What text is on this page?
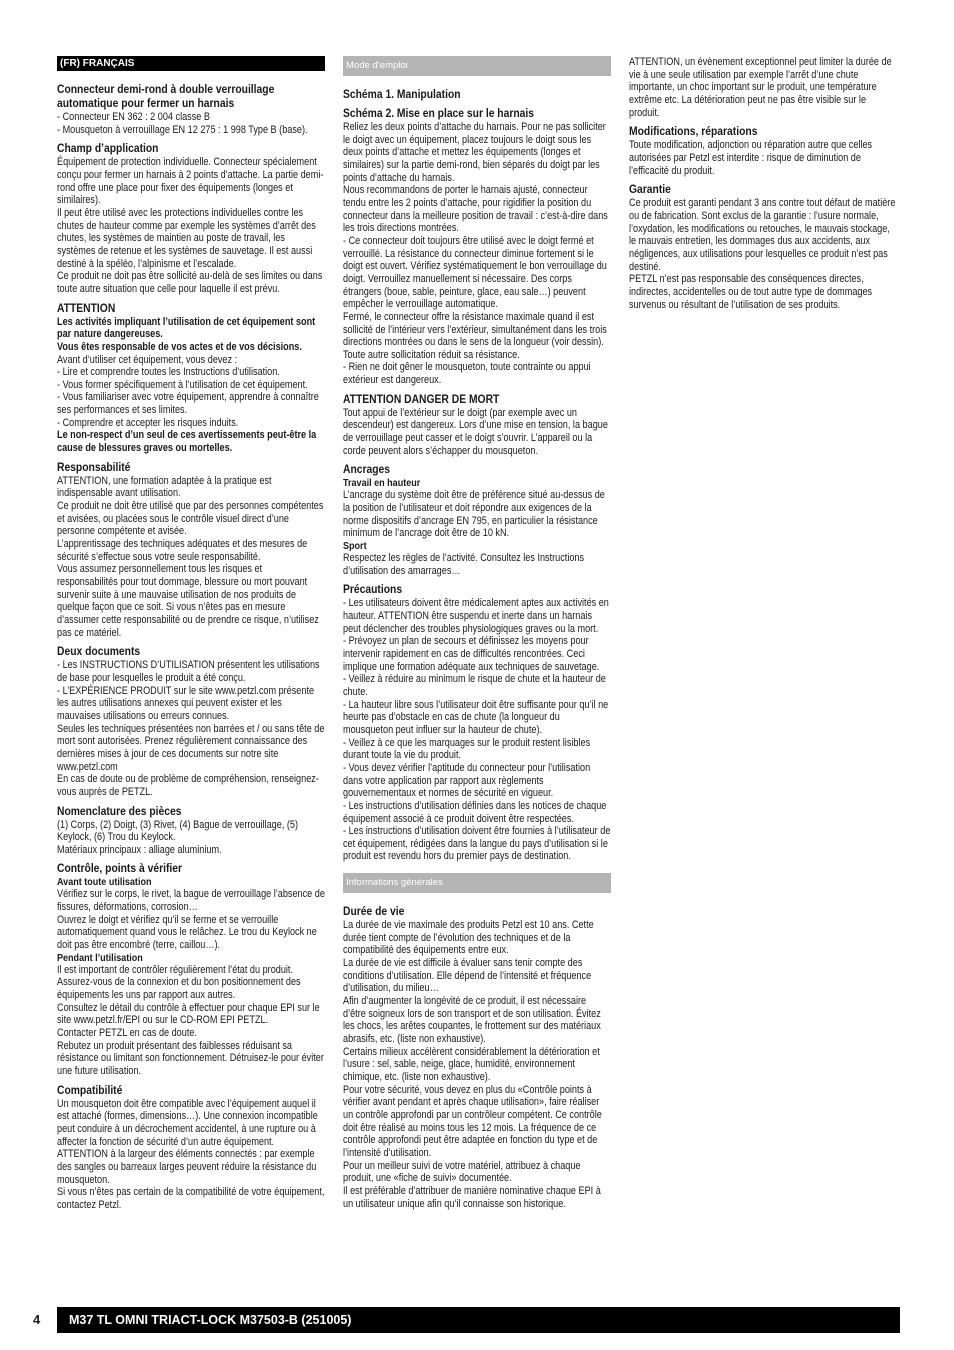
(FR) FRANÇAIS
Connecteur demi-rond à double verrouillage automatique pour fermer un harnais

- Connecteur EN 362 : 2 004 classe B
- Mousqueton à verrouillage EN 12 275 : 1 998 Type B (base).

Champ d’application

Équipement de protection individuelle. Connecteur spécialement conçu pour fermer un harnais à 2 points d’attache. La partie demi-rond offre une place pour fixer des équipements (longes et similaires).
Il peut être utilisé avec les protections individuelles contre les chutes de hauteur comme par exemple les systèmes d’arrêt des chutes, les systèmes de maintien au poste de travail, les systèmes de retenue et les systèmes de sauvetage. Il est aussi destiné à la spéléo, l’alpinisme et l’escalade.
Ce produit ne doit pas être sollicité au-delà de ses limites ou dans toute autre situation que celle pour laquelle il est prévu.

ATTENTION

Les activités impliquant l’utilisation de cet équipement sont par nature dangereuses.
Vous êtes responsable de vos actes et de vos décisions.

Avant d’utiliser cet équipement, vous devez :
- Lire et comprendre toutes les Instructions d’utilisation.
- Vous former spécifiquement à l’utilisation de cet équipement.
- Vous familiariser avec votre équipement, apprendre à connaître ses performances et ses limites.
- Comprendre et accepter les risques induits.

Le non-respect d’un seul de ces avertissements peut-être la cause de blessures graves ou mortelles.

Responsabilité

ATTENTION, une formation adaptée à la pratique est indispensable avant utilisation.
Ce produit ne doit être utilisé que par des personnes compétentes et avisées, ou placées sous le contrôle visuel direct d’une personne compétente et avisée.
L’apprentissage des techniques adéquates et des mesures de sécurité s’effectue sous votre seule responsabilité.
Vous assumez personnellement tous les risques et responsabilités pour tout dommage, blessure ou mort pouvant survenir suite à une mauvaise utilisation de nos produits de quelque façon que ce soit. Si vous n’êtes pas en mesure d’assumer cette responsabilité ou de prendre ce risque, n’utilisez pas ce matériel.

Deux documents

- Les INSTRUCTIONS D’UTILISATION présentent les utilisations de base pour lesquelles le produit a été conçu.
- L’EXPÉRIENCE PRODUIT sur le site www.petzl.com présente les autres utilisations annexes qui peuvent exister et les mauvaises utilisations ou erreurs connues.
Seules les techniques présentées non barrées et / ou sans tête de mort sont autorisées. Prenez régulièrement connaissance des dernières mises à jour de ces documents sur notre site www.petzl.com
En cas de doute ou de problème de compréhension, renseignez-vous auprès de PETZL.

Nomenclature des pièces

(1) Corps, (2) Doigt, (3) Rivet, (4) Bague de verrouillage, (5) Keylock, (6) Trou du Keylock.
Matériaux principaux : alliage aluminium.

Contrôle, points à vérifier
Avant toute utilisation

Vérifiez sur le corps, le rivet, la bague de verrouillage l’absence de fissures, déformations, corrosion…
Ouvrez le doigt et vérifiez qu’il se ferme et se verrouille automatiquement quand vous le relâchez. Le trou du Keylock ne doit pas être encombré (terre, caillou…).

Pendant l’utilisation

Il est important de contrôler régulièrement l’état du produit. Assurez-vous de la connexion et du bon positionnement des équipements les uns par rapport aux autres.
Consultez le détail du contrôle à effectuer pour chaque EPI sur le site www.petzl.fr/EPI ou sur le CD-ROM EPI PETZL.
Contacter PETZL en cas de doute.
Rebutez un produit présentant des faiblesses réduisant sa résistance ou limitant son fonctionnement. Détruisez-le pour éviter une future utilisation.

Compatibilité

Un mousqueton doit être compatible avec l’équipement auquel il est attaché (formes, dimensions…). Une connexion incompatible peut conduire à un décrochement accidentel, à une rupture ou à affecter la fonction de sécurité d’un autre équipement.
ATTENTION à la largeur des éléments connectés : par exemple des sangles ou barreaux larges peuvent réduire la résistance du mousqueton.
Si vous n’êtes pas certain de la compatibilité de votre équipement, contactez Petzl.

Mode d’emploi
Schéma 1. Manipulation
Schéma 2. Mise en place sur le harnais

Reliez les deux points d’attache du harnais. Pour ne pas solliciter le doigt avec un équipement, placez toujours le doigt sous les deux points d’attache et mettez les équipements (longes et similaires) sur la partie demi-rond, bien séparés du doigt par les points d’attache du harnais.
Nous recommandons de porter le harnais ajusté, connecteur tendu entre les 2 points d’attache, pour rigidifier la position du connecteur dans la meilleure position de travail : c’est-à-dire dans les trois directions montrées.
- Ce connecteur doit toujours être utilisé avec le doigt fermé et verrouillé. La résistance du connecteur diminue fortement si le doigt est ouvert. Vérifiez systématiquement le bon verrouillage du doigt. Verrouillez manuellement si nécessaire. Des corps étrangers (boue, sable, peinture, glace, eau sale…) peuvent empêcher le verrouillage automatique.
Fermé, le connecteur offre la résistance maximale quand il est sollicité de l’intérieur vers l’extérieur, simultanément dans les trois directions montrées ou dans le sens de la longueur (voir dessin). Toute autre sollicitation réduit sa résistance.
- Rien ne doit gêner le mousqueton, toute contrainte ou appui extérieur est dangereux.

ATTENTION DANGER DE MORT

Tout appui de l’extérieur sur le doigt (par exemple avec un descendeur) est dangereux. Lors d’une mise en tension, la bague de verrouillage peut casser et le doigt s’ouvrir. L’appareil ou la corde peuvent alors s’échapper du mousqueton.

Ancrages
Travail en hauteur

L’ancrage du système doit être de préférence situé au-dessus de la position de l’utilisateur et doit répondre aux exigences de la norme dispositifs d’ancrage EN 795, en particulier la résistance minimum de l’ancrage doit être de 10 kN.

Sport

Respectez les règles de l’activité. Consultez les Instructions d’utilisation des amarrages…

Précautions

- Les utilisateurs doivent être médicalement aptes aux activités en hauteur. ATTENTION être suspendu et inerte dans un harnais peut déclencher des troubles physiologiques graves ou la mort.
- Prévoyez un plan de secours et définissez les moyens pour intervenir rapidement en cas de difficultés rencontrées. Ceci implique une formation adéquate aux techniques de sauvetage.
- Veillez à réduire au minimum le risque de chute et la hauteur de chute.
- La hauteur libre sous l’utilisateur doit être suffisante pour qu’il ne heurte pas d’obstacle en cas de chute (la longueur du mousqueton peut influer sur la hauteur de chute).
- Veillez à ce que les marquages sur le produit restent lisibles durant toute la vie du produit.
- Vous devez vérifier l’aptitude du connecteur pour l’utilisation dans votre application par rapport aux règlements gouvernementaux et normes de sécurité en vigueur.
- Les instructions d’utilisation définies dans les notices de chaque équipement associé à ce produit doivent être respectées.
- Les instructions d’utilisation doivent être fournies à l’utilisateur de cet équipement, rédigées dans la langue du pays d’utilisation si le produit est revendu hors du premier pays de destination.

Informations générales
Durée de vie

La durée de vie maximale des produits Petzl est 10 ans. Cette durée tient compte de l’évolution des techniques et de la compatibilité des équipements entre eux.
La durée de vie est difficile à évaluer sans tenir compte des conditions d’utilisation. Elle dépend de l’intensité et fréquence d’utilisation, du milieu…
Afin d’augmenter la longévité de ce produit, il est nécessaire d’être soigneux lors de son transport et de son utilisation. Évitez les chocs, les arêtes coupantes, le frottement sur des matériaux abrasifs, etc. (liste non exhaustive).
Certains milieux accélèrent considérablement la détérioration et l’usure : sel, sable, neige, glace, humidité, environnement chimique, etc. (liste non exhaustive).
Pour votre sécurité, vous devez en plus du «Contrôle points à vérifier avant pendant et après chaque utilisation», faire réaliser un contrôle approfondi par un contrôleur compétent. Ce contrôle doit être réalisé au moins tous les 12 mois. La fréquence de ce contrôle approfondi peut être adaptée en fonction du type et de l’intensité d’utilisation.
Pour un meilleur suivi de votre matériel, attribuez à chaque produit, une «fiche de suivi» documentée.
Il est préférable d’attribuer de manière nominative chaque EPI à un utilisateur unique afin qu’il connaisse son historique.

ATTENTION, un évènement exceptionnel peut limiter la durée de vie à une seule utilisation par exemple l’arrêt d’une chute importante, un choc important sur le produit, une température extrême etc. La détérioration peut ne pas être visible sur le produit.

Modifications, réparations

Toute modification, adjonction ou réparation autre que celles autorisées par Petzl est interdite : risque de diminution de l’efficacité du produit.

Garantie

Ce produit est garanti pendant 3 ans contre tout défaut de matière ou de fabrication. Sont exclus de la garantie : l’usure normale, l’oxydation, les modifications ou retouches, le mauvais stockage, le mauvais entretien, les dommages dus aux accidents, aux négligences, aux utilisations pour lesquelles ce produit n’est pas destiné.
PETZL n’est pas responsable des conséquences directes, indirectes, accidentelles ou de tout autre type de dommages survenus ou résultant de l’utilisation de ses produits.

4	M37 TL OMNI TRIACT-LOCK M37503-B (251005)
